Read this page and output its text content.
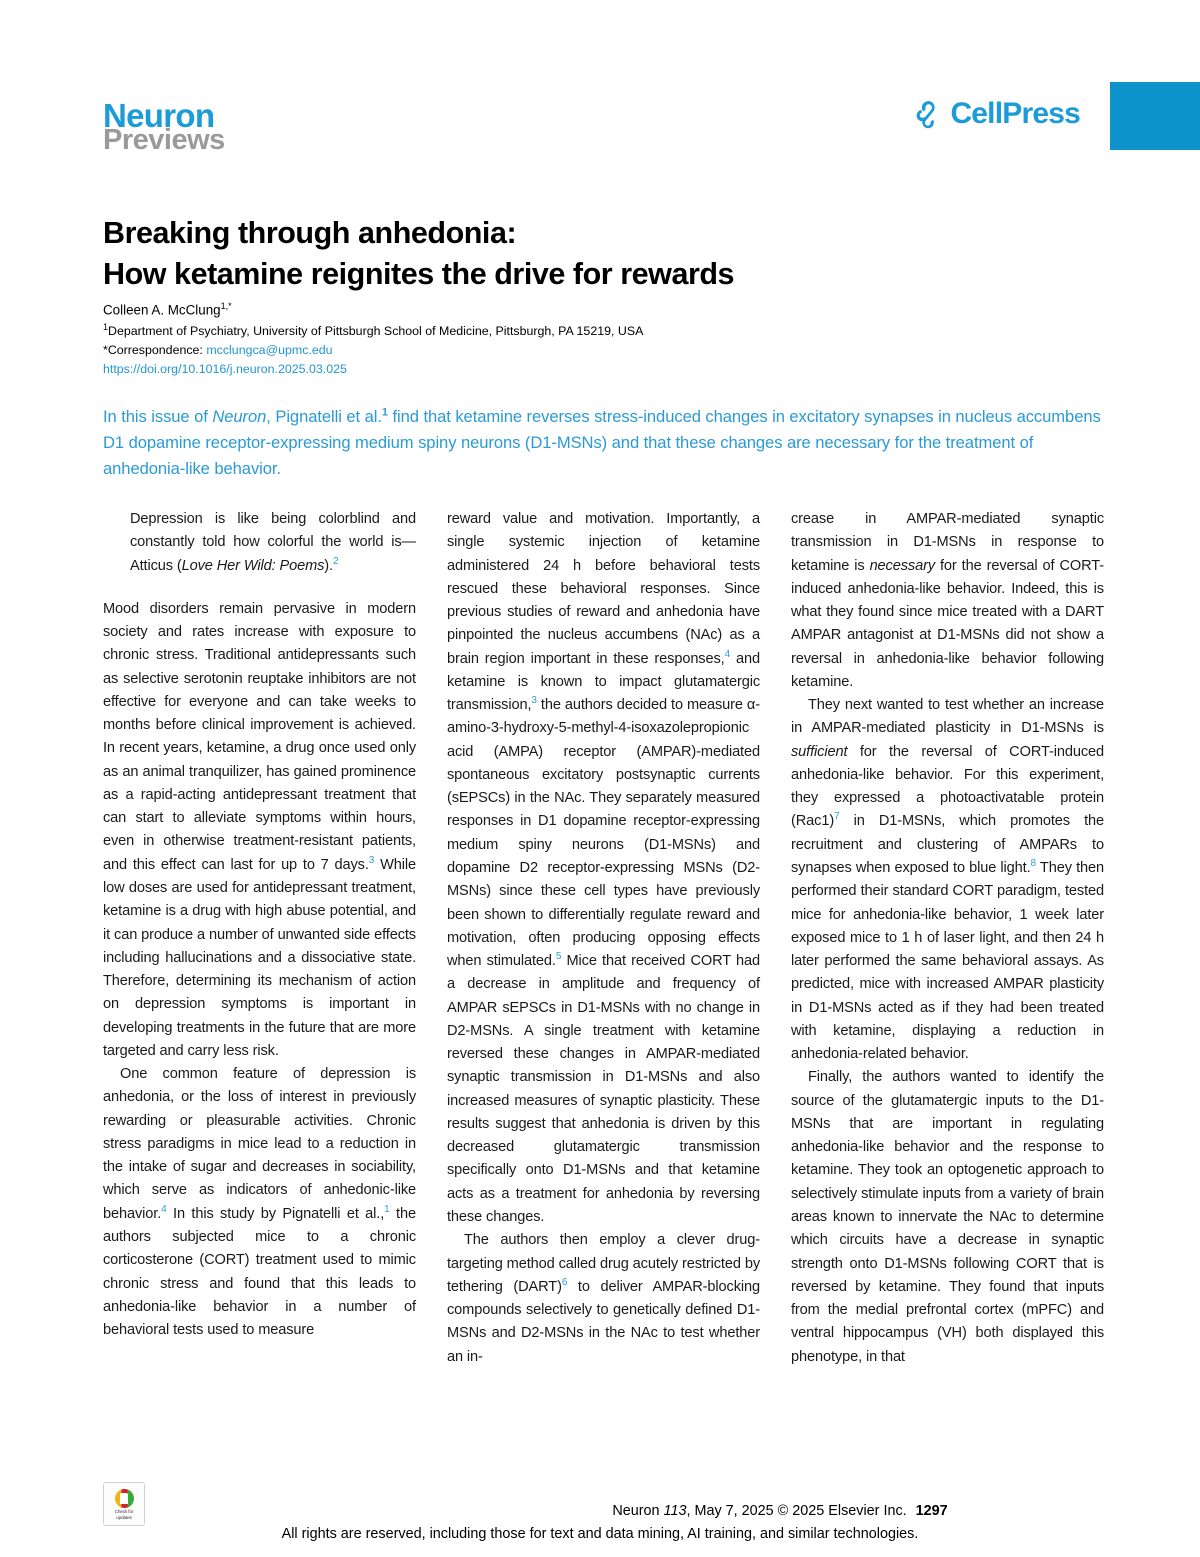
Neuron
Previews
CellPress
Breaking through anhedonia:
How ketamine reignites the drive for rewards
Colleen A. McClung$^{1,*}$
$^1$Department of Psychiatry, University of Pittsburgh School of Medicine, Pittsburgh, PA 15219, USA
*Correspondence: mcclungca@upmc.edu
https://doi.org/10.1016/j.neuron.2025.03.025
In this issue of Neuron, Pignatelli et al.$^1$ find that ketamine reverses stress-induced changes in excitatory synapses in nucleus accumbens D1 dopamine receptor-expressing medium spiny neurons (D1-MSNs) and that these changes are necessary for the treatment of anhedonia-like behavior.

Depression is like being colorblind and constantly told how colorful the world is—Atticus (Love Her Wild: Poems).$^2$

Mood disorders remain pervasive in modern society and rates increase with exposure to chronic stress. Traditional antidepressants such as selective serotonin reuptake inhibitors are not effective for everyone and can take weeks to months before clinical improvement is achieved. In recent years, ketamine, a drug once used only as an animal tranquilizer, has gained prominence as a rapid-acting antidepressant treatment that can start to alleviate symptoms within hours, even in otherwise treatment-resistant patients, and this effect can last for up to 7 days.$^3$ While low doses are used for antidepressant treatment, ketamine is a drug with high abuse potential, and it can produce a number of unwanted side effects including hallucinations and a dissociative state. Therefore, determining its mechanism of action on depression symptoms is important in developing treatments in the future that are more targeted and carry less risk.

One common feature of depression is anhedonia, or the loss of interest in previously rewarding or pleasurable activities. Chronic stress paradigms in mice lead to a reduction in the intake of sugar and decreases in sociability, which serve as indicators of anhedonic-like behavior.$^4$ In this study by Pignatelli et al.,$^1$ the authors subjected mice to a chronic corticosterone (CORT) treatment used to mimic chronic stress and found that this leads to anhedonia-like behavior in a number of behavioral tests used to measure

reward value and motivation. Importantly, a single systemic injection of ketamine administered 24 h before behavioral tests rescued these behavioral responses. Since previous studies of reward and anhedonia have pinpointed the nucleus accumbens (NAc) as a brain region important in these responses,$^4$ and ketamine is known to impact glutamatergic transmission,$^3$ the authors decided to measure α-amino-3-hydroxy-5-methyl-4-isoxazolepropionic acid (AMPA) receptor (AMPAR)-mediated spontaneous excitatory postsynaptic currents (sEPSCs) in the NAc. They separately measured responses in D1 dopamine receptor-expressing medium spiny neurons (D1-MSNs) and dopamine D2 receptor-expressing MSNs (D2-MSNs) since these cell types have previously been shown to differentially regulate reward and motivation, often producing opposing effects when stimulated.$^5$ Mice that received CORT had a decrease in amplitude and frequency of AMPAR sEPSCs in D1-MSNs with no change in D2-MSNs. A single treatment with ketamine reversed these changes in AMPAR-mediated synaptic transmission in D1-MSNs and also increased measures of synaptic plasticity. These results suggest that anhedonia is driven by this decreased glutamatergic transmission specifically onto D1-MSNs and that ketamine acts as a treatment for anhedonia by reversing these changes.

The authors then employ a clever drug-targeting method called drug acutely restricted by tethering (DART)$^6$ to deliver AMPAR-blocking compounds selectively to genetically defined D1-MSNs and D2-MSNs in the NAc to test whether an in-

crease in AMPAR-mediated synaptic transmission in D1-MSNs in response to ketamine is necessary for the reversal of CORT-induced anhedonia-like behavior. Indeed, this is what they found since mice treated with a DART AMPAR antagonist at D1-MSNs did not show a reversal in anhedonia-like behavior following ketamine.

They next wanted to test whether an increase in AMPAR-mediated plasticity in D1-MSNs is sufficient for the reversal of CORT-induced anhedonia-like behavior. For this experiment, they expressed a photoactivatable protein (Rac1)$^7$ in D1-MSNs, which promotes the recruitment and clustering of AMPARs to synapses when exposed to blue light.$^8$ They then performed their standard CORT paradigm, tested mice for anhedonia-like behavior, 1 week later exposed mice to 1 h of laser light, and then 24 h later performed the same behavioral assays. As predicted, mice with increased AMPAR plasticity in D1-MSNs acted as if they had been treated with ketamine, displaying a reduction in anhedonia-related behavior.

Finally, the authors wanted to identify the source of the glutamatergic inputs to the D1-MSNs that are important in regulating anhedonia-like behavior and the response to ketamine. They took an optogenetic approach to selectively stimulate inputs from a variety of brain areas known to innervate the NAc to determine which circuits have a decrease in synaptic strength onto D1-MSNs following CORT that is reversed by ketamine. They found that inputs from the medial prefrontal cortex (mPFC) and ventral hippocampus (VH) both displayed this phenotype, in that

Check for
updates	Neuron 113, May 7, 2025 © 2025 Elsevier Inc. 1297
All rights are reserved, including those for text and data mining, AI training, and similar technologies.
